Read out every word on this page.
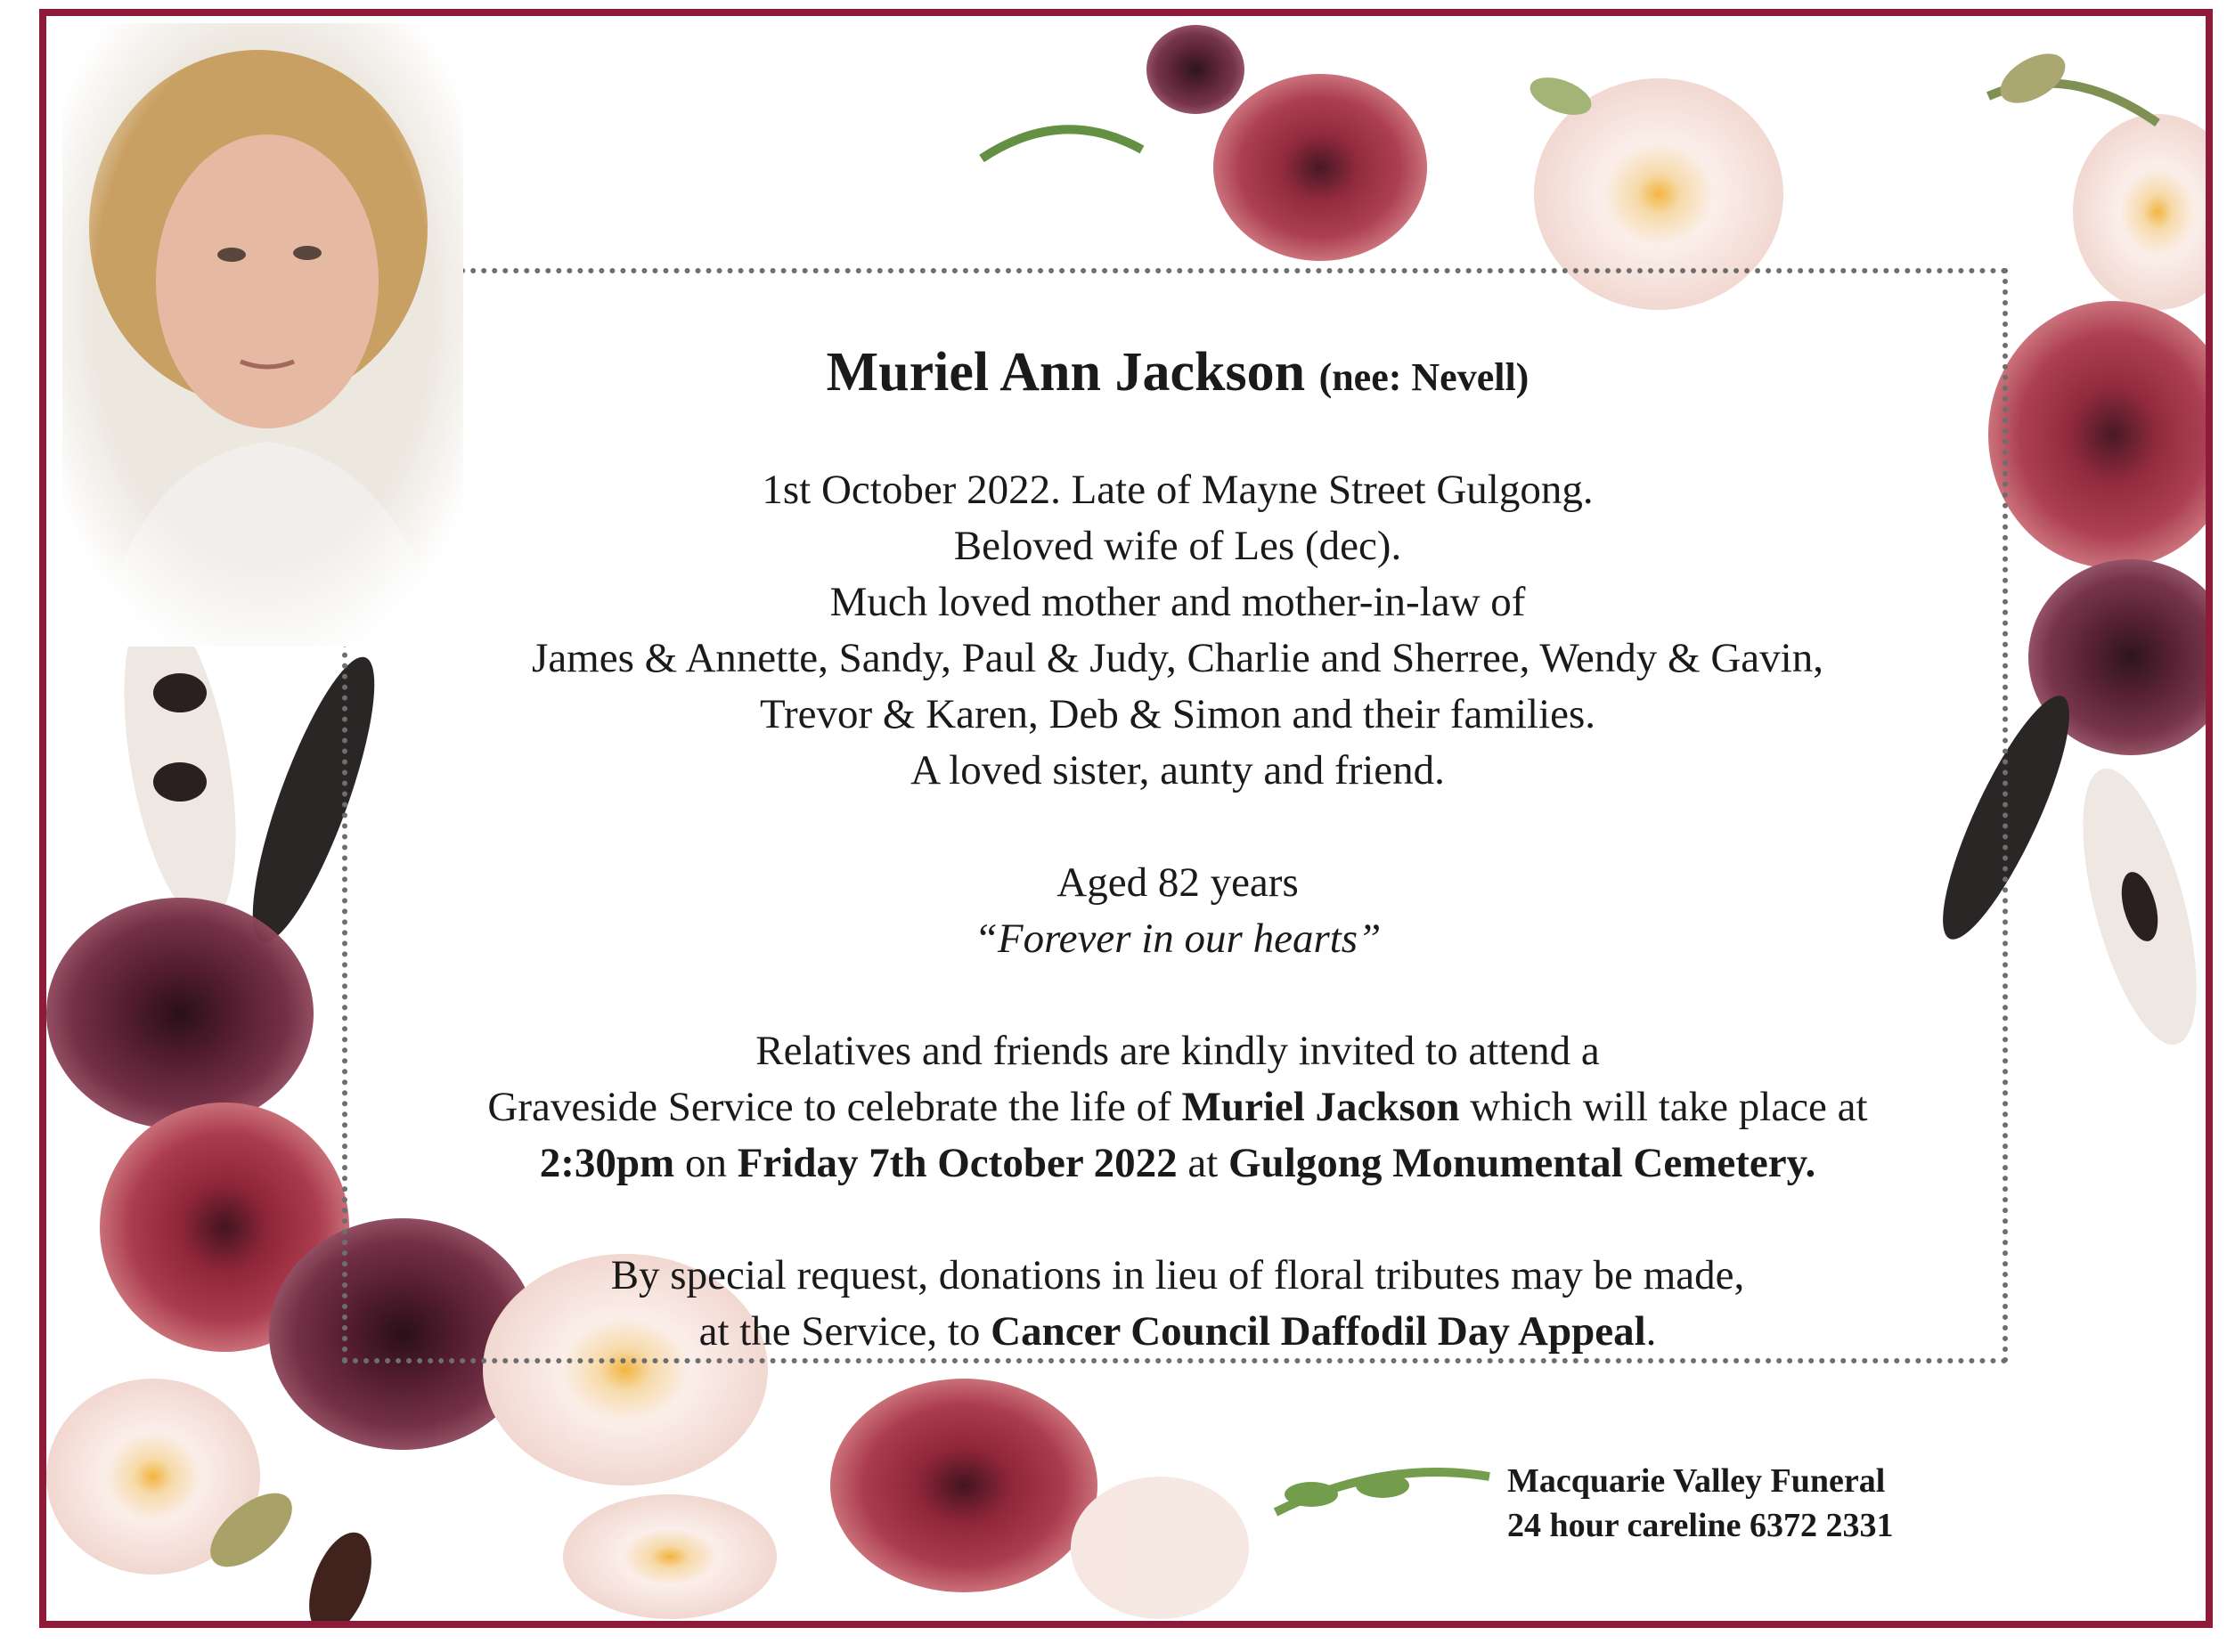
Muriel Ann Jackson (nee: Nevell)
1st October 2022. Late of Mayne Street Gulgong.
Beloved wife of Les (dec).
Much loved mother and mother-in-law of
James & Annette, Sandy, Paul & Judy, Charlie and Sherree, Wendy & Gavin,
Trevor & Karen, Deb & Simon and their families.
A loved sister, aunty and friend.
Aged 82 years
“Forever in our hearts”
Relatives and friends are kindly invited to attend a
Graveside Service to celebrate the life of Muriel Jackson which will take place at
2:30pm on Friday 7th October 2022 at Gulgong Monumental Cemetery.
By special request, donations in lieu of floral tributes may be made,
at the Service, to Cancer Council Daffodil Day Appeal.
Macquarie Valley Funeral
24 hour careline 6372 2331
